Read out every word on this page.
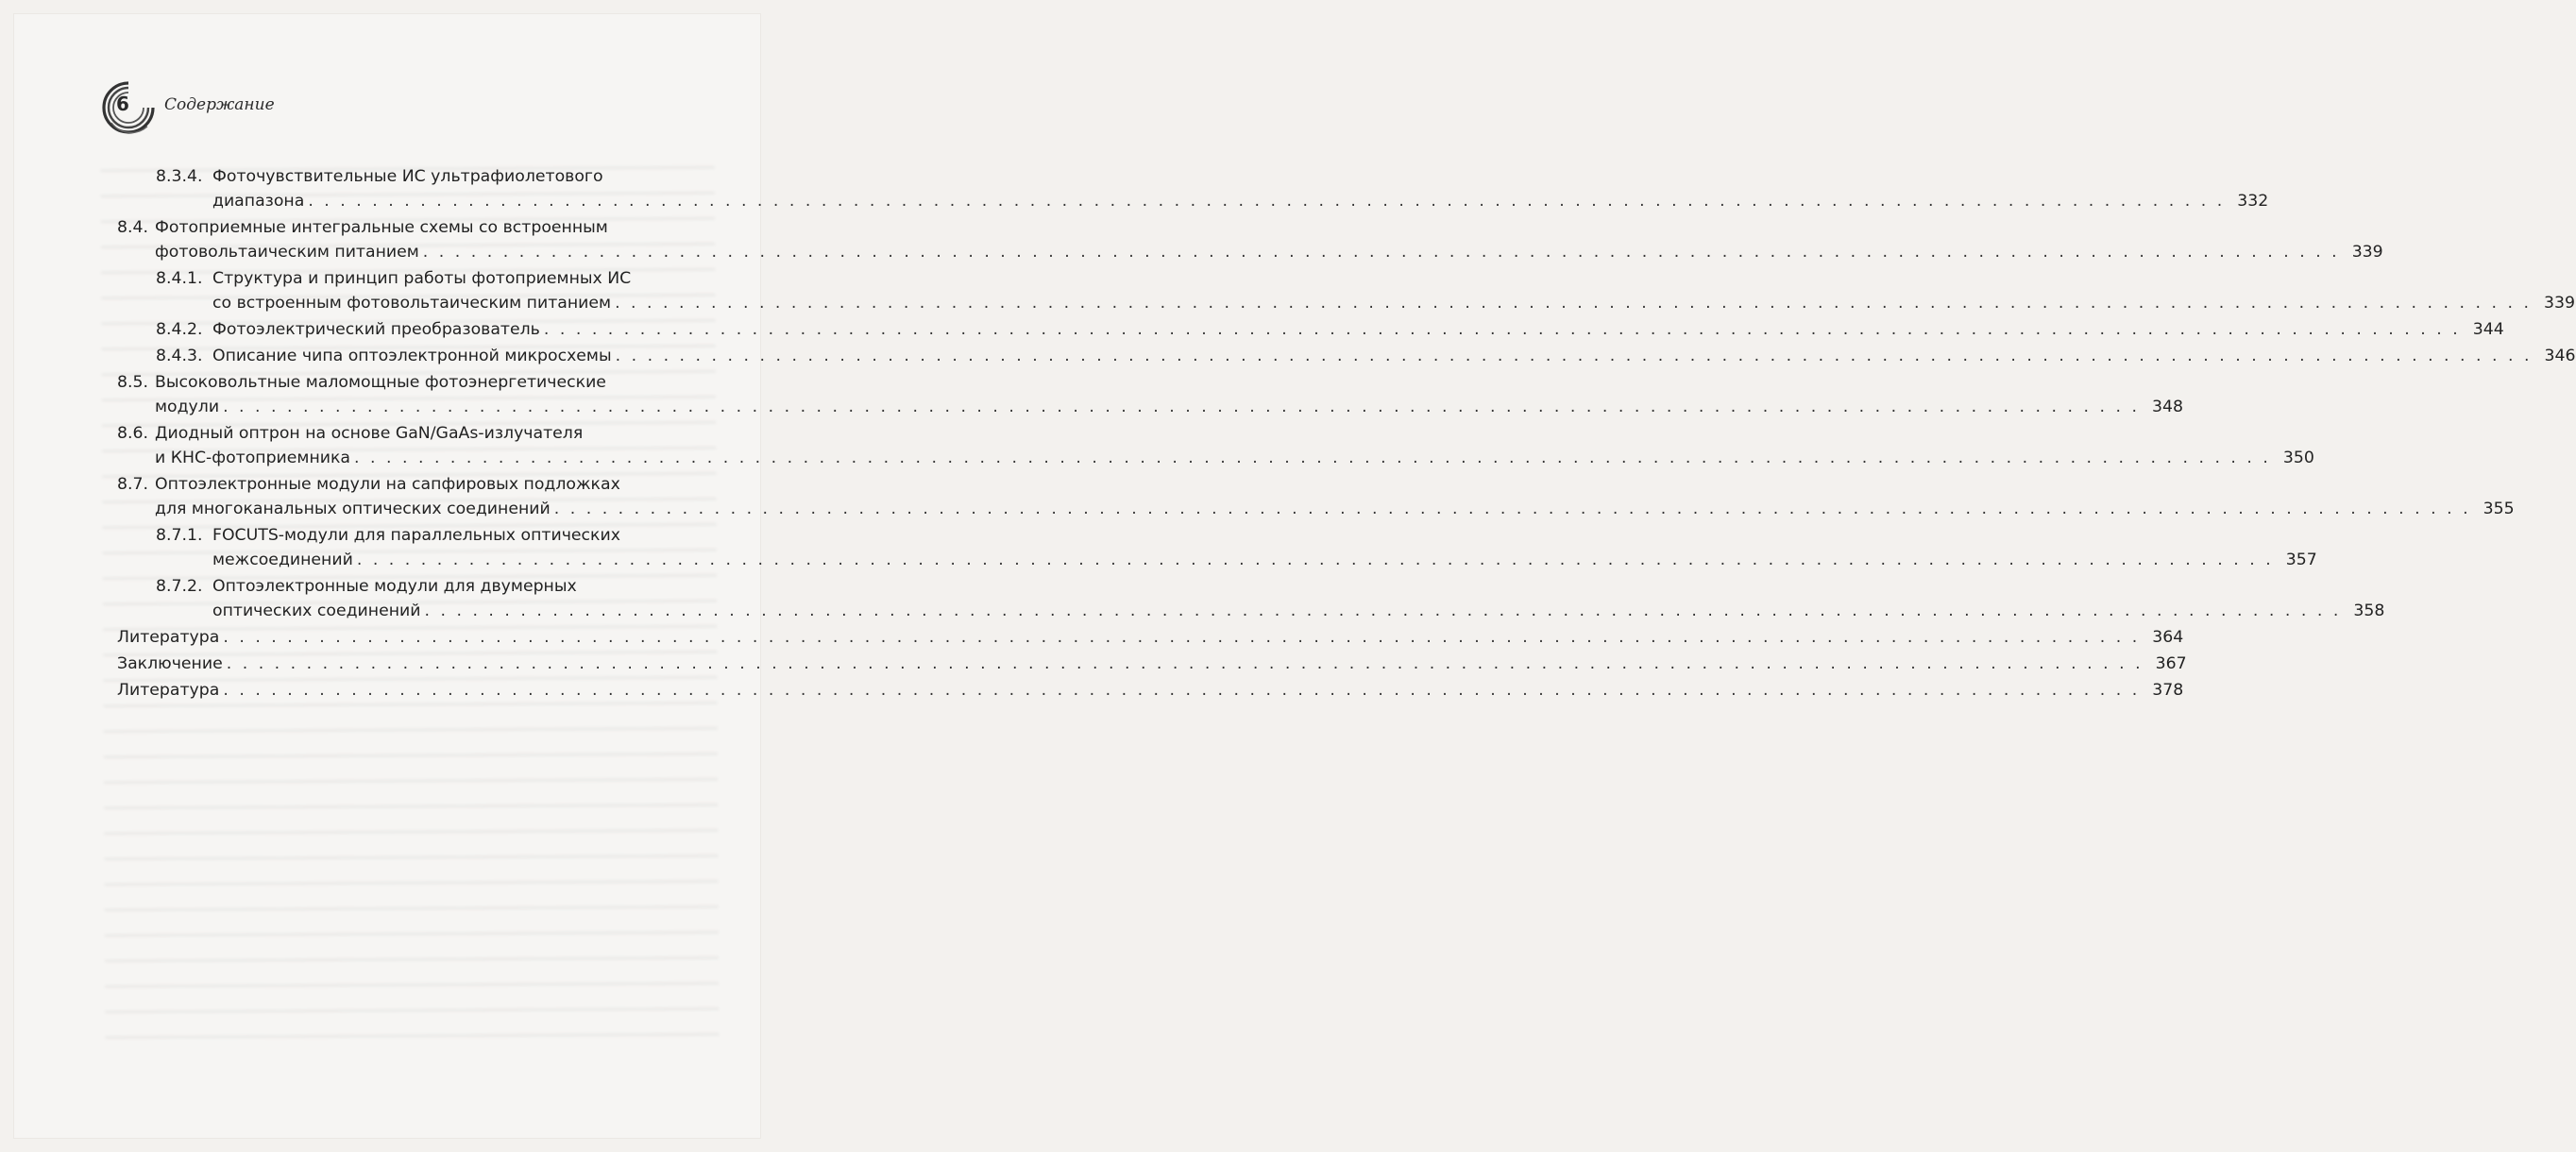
6 Содержание
8.3.4. Фоточувствительные ИС ультрафиолетового
диапазона . . . . . . . . . . . . . . . . . . . . . . . . . . . . . . . . . . . . . . . . . . . . . . . . . . . . . . . . . . . . . . . . . . . . . . . . . . . . . . . . . . . . . . . . . . . . . . . . . . . . . . . . . . . . . . . . . . . . . . . . 332
8.4. Фотоприемные интегральные схемы со встроенным
фотовольтаическим питанием . . . . . . . . . . . . . . . . . . . . . . . . . . . . . . . . . . . . . . . . . . . . . . . . . . . . . . . . . . . . . . . . . . . . . . . . . . . . . . . . . . . . . . . . . . . . . . . . . . . . . . . . . . . . . . . . . . . . . . . . 339
8.4.1. Структура и принцип работы фотоприемных ИС
со встроенным фотовольтаическим питанием . . . . . . . . . . . . . . . . . . . . . . . . . . . . . . . . . . . . . . . . . . . . . . . . . . . . . . . . . . . . . . . . . . . . . . . . . . . . . . . . . . . . . . . . . . . . . . . . . . . . . . . . . . . . . . . . . . . . . . . . 339
8.4.2. Фотоэлектрический преобразователь . . . . . . . . . . . . . . . . . . . . . . . . . . . . . . . . . . . . . . . . . . . . . . . . . . . . . . . . . . . . . . . . . . . . . . . . . . . . . . . . . . . . . . . . . . . . . . . . . . . . . . . . . . . . . . . . . . . . . . . . 344
8.4.3. Описание чипа оптоэлектронной микросхемы . . . . . . . . . . . . . . . . . . . . . . . . . . . . . . . . . . . . . . . . . . . . . . . . . . . . . . . . . . . . . . . . . . . . . . . . . . . . . . . . . . . . . . . . . . . . . . . . . . . . . . . . . . . . . . . . . . . . . . . . 346
8.5. Высоковольтные маломощные фотоэнергетические
модули . . . . . . . . . . . . . . . . . . . . . . . . . . . . . . . . . . . . . . . . . . . . . . . . . . . . . . . . . . . . . . . . . . . . . . . . . . . . . . . . . . . . . . . . . . . . . . . . . . . . . . . . . . . . . . . . . . . . . . . . 348
8.6. Диодный оптрон на основе GaN/GaAs-излучателя
и КНС-фотоприемника . . . . . . . . . . . . . . . . . . . . . . . . . . . . . . . . . . . . . . . . . . . . . . . . . . . . . . . . . . . . . . . . . . . . . . . . . . . . . . . . . . . . . . . . . . . . . . . . . . . . . . . . . . . . . . . . . . . . . . . . 350
8.7. Оптоэлектронные модули на сапфировых подложках
для многоканальных оптических соединений . . . . . . . . . . . . . . . . . . . . . . . . . . . . . . . . . . . . . . . . . . . . . . . . . . . . . . . . . . . . . . . . . . . . . . . . . . . . . . . . . . . . . . . . . . . . . . . . . . . . . . . . . . . . . . . . . . . . . . . . 355
8.7.1. FOCUTS-модули для параллельных оптических
межсоединений . . . . . . . . . . . . . . . . . . . . . . . . . . . . . . . . . . . . . . . . . . . . . . . . . . . . . . . . . . . . . . . . . . . . . . . . . . . . . . . . . . . . . . . . . . . . . . . . . . . . . . . . . . . . . . . . . . . . . . . . 357
8.7.2. Оптоэлектронные модули для двумерных
оптических соединений . . . . . . . . . . . . . . . . . . . . . . . . . . . . . . . . . . . . . . . . . . . . . . . . . . . . . . . . . . . . . . . . . . . . . . . . . . . . . . . . . . . . . . . . . . . . . . . . . . . . . . . . . . . . . . . . . . . . . . . . 358
Литература . . . . . . . . . . . . . . . . . . . . . . . . . . . . . . . . . . . . . . . . . . . . . . . . . . . . . . . . . . . . . . . . . . . . . . . . . . . . . . . . . . . . . . . . . . . . . . . . . . . . . . . . . . . . . . . . . . . . . . . . 364
Заключение . . . . . . . . . . . . . . . . . . . . . . . . . . . . . . . . . . . . . . . . . . . . . . . . . . . . . . . . . . . . . . . . . . . . . . . . . . . . . . . . . . . . . . . . . . . . . . . . . . . . . . . . . . . . . . . . . . . . . . . . 367
Литература . . . . . . . . . . . . . . . . . . . . . . . . . . . . . . . . . . . . . . . . . . . . . . . . . . . . . . . . . . . . . . . . . . . . . . . . . . . . . . . . . . . . . . . . . . . . . . . . . . . . . . . . . . . . . . . . . . . . . . . . 378
